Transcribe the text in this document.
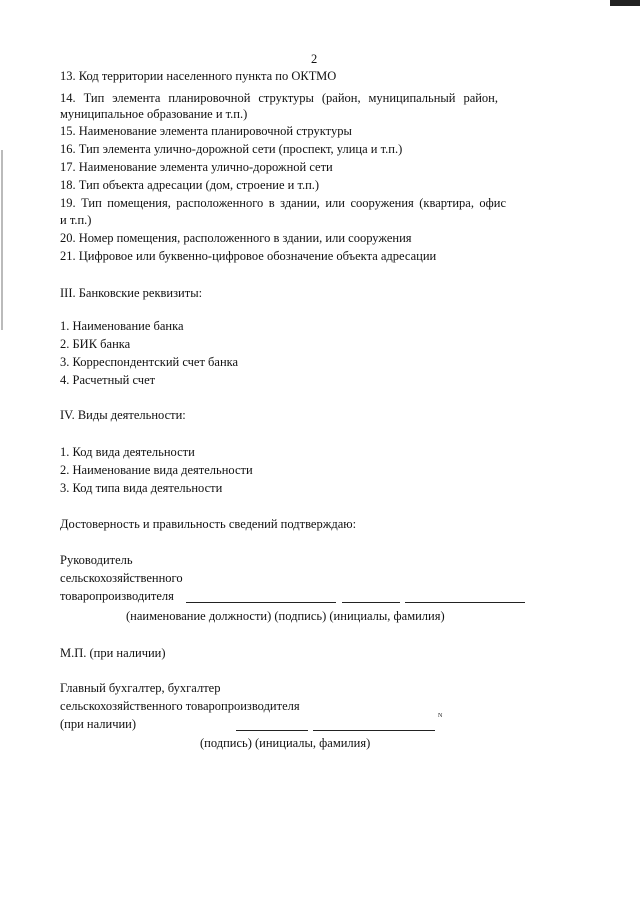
2
13. Код территории населенного пункта по ОКТМО
14. Тип элемента планировочной структуры (район, муниципальный район,
муниципальное образование и т.п.)
15. Наименование элемента планировочной структуры
16. Тип элемента улично-дорожной сети (проспект, улица и т.п.)
17. Наименование элемента улично-дорожной сети
18. Тип объекта адресации (дом, строение и т.п.)
19. Тип помещения, расположенного в здании, или сооружения (квартира, офис
и т.п.)
20. Номер помещения, расположенного в здании, или сооружения
21. Цифровое или буквенно-цифровое обозначение объекта адресации
III. Банковские реквизиты:
1. Наименование банка
2. БИК банка
3. Корреспондентский счет банка
4. Расчетный счет
IV. Виды деятельности:
1. Код вида деятельности
2. Наименование вида деятельности
3. Код типа вида деятельности
Достоверность и правильность сведений подтверждаю:
Руководитель
сельскохозяйственного
товаропроизводителя
(наименование должности) (подпись) (инициалы, фамилия)
М.П. (при наличии)
Главный бухгалтер, бухгалтер
сельскохозяйственного товаропроизводителя
(при наличии)
N
(подпись) (инициалы, фамилия)
